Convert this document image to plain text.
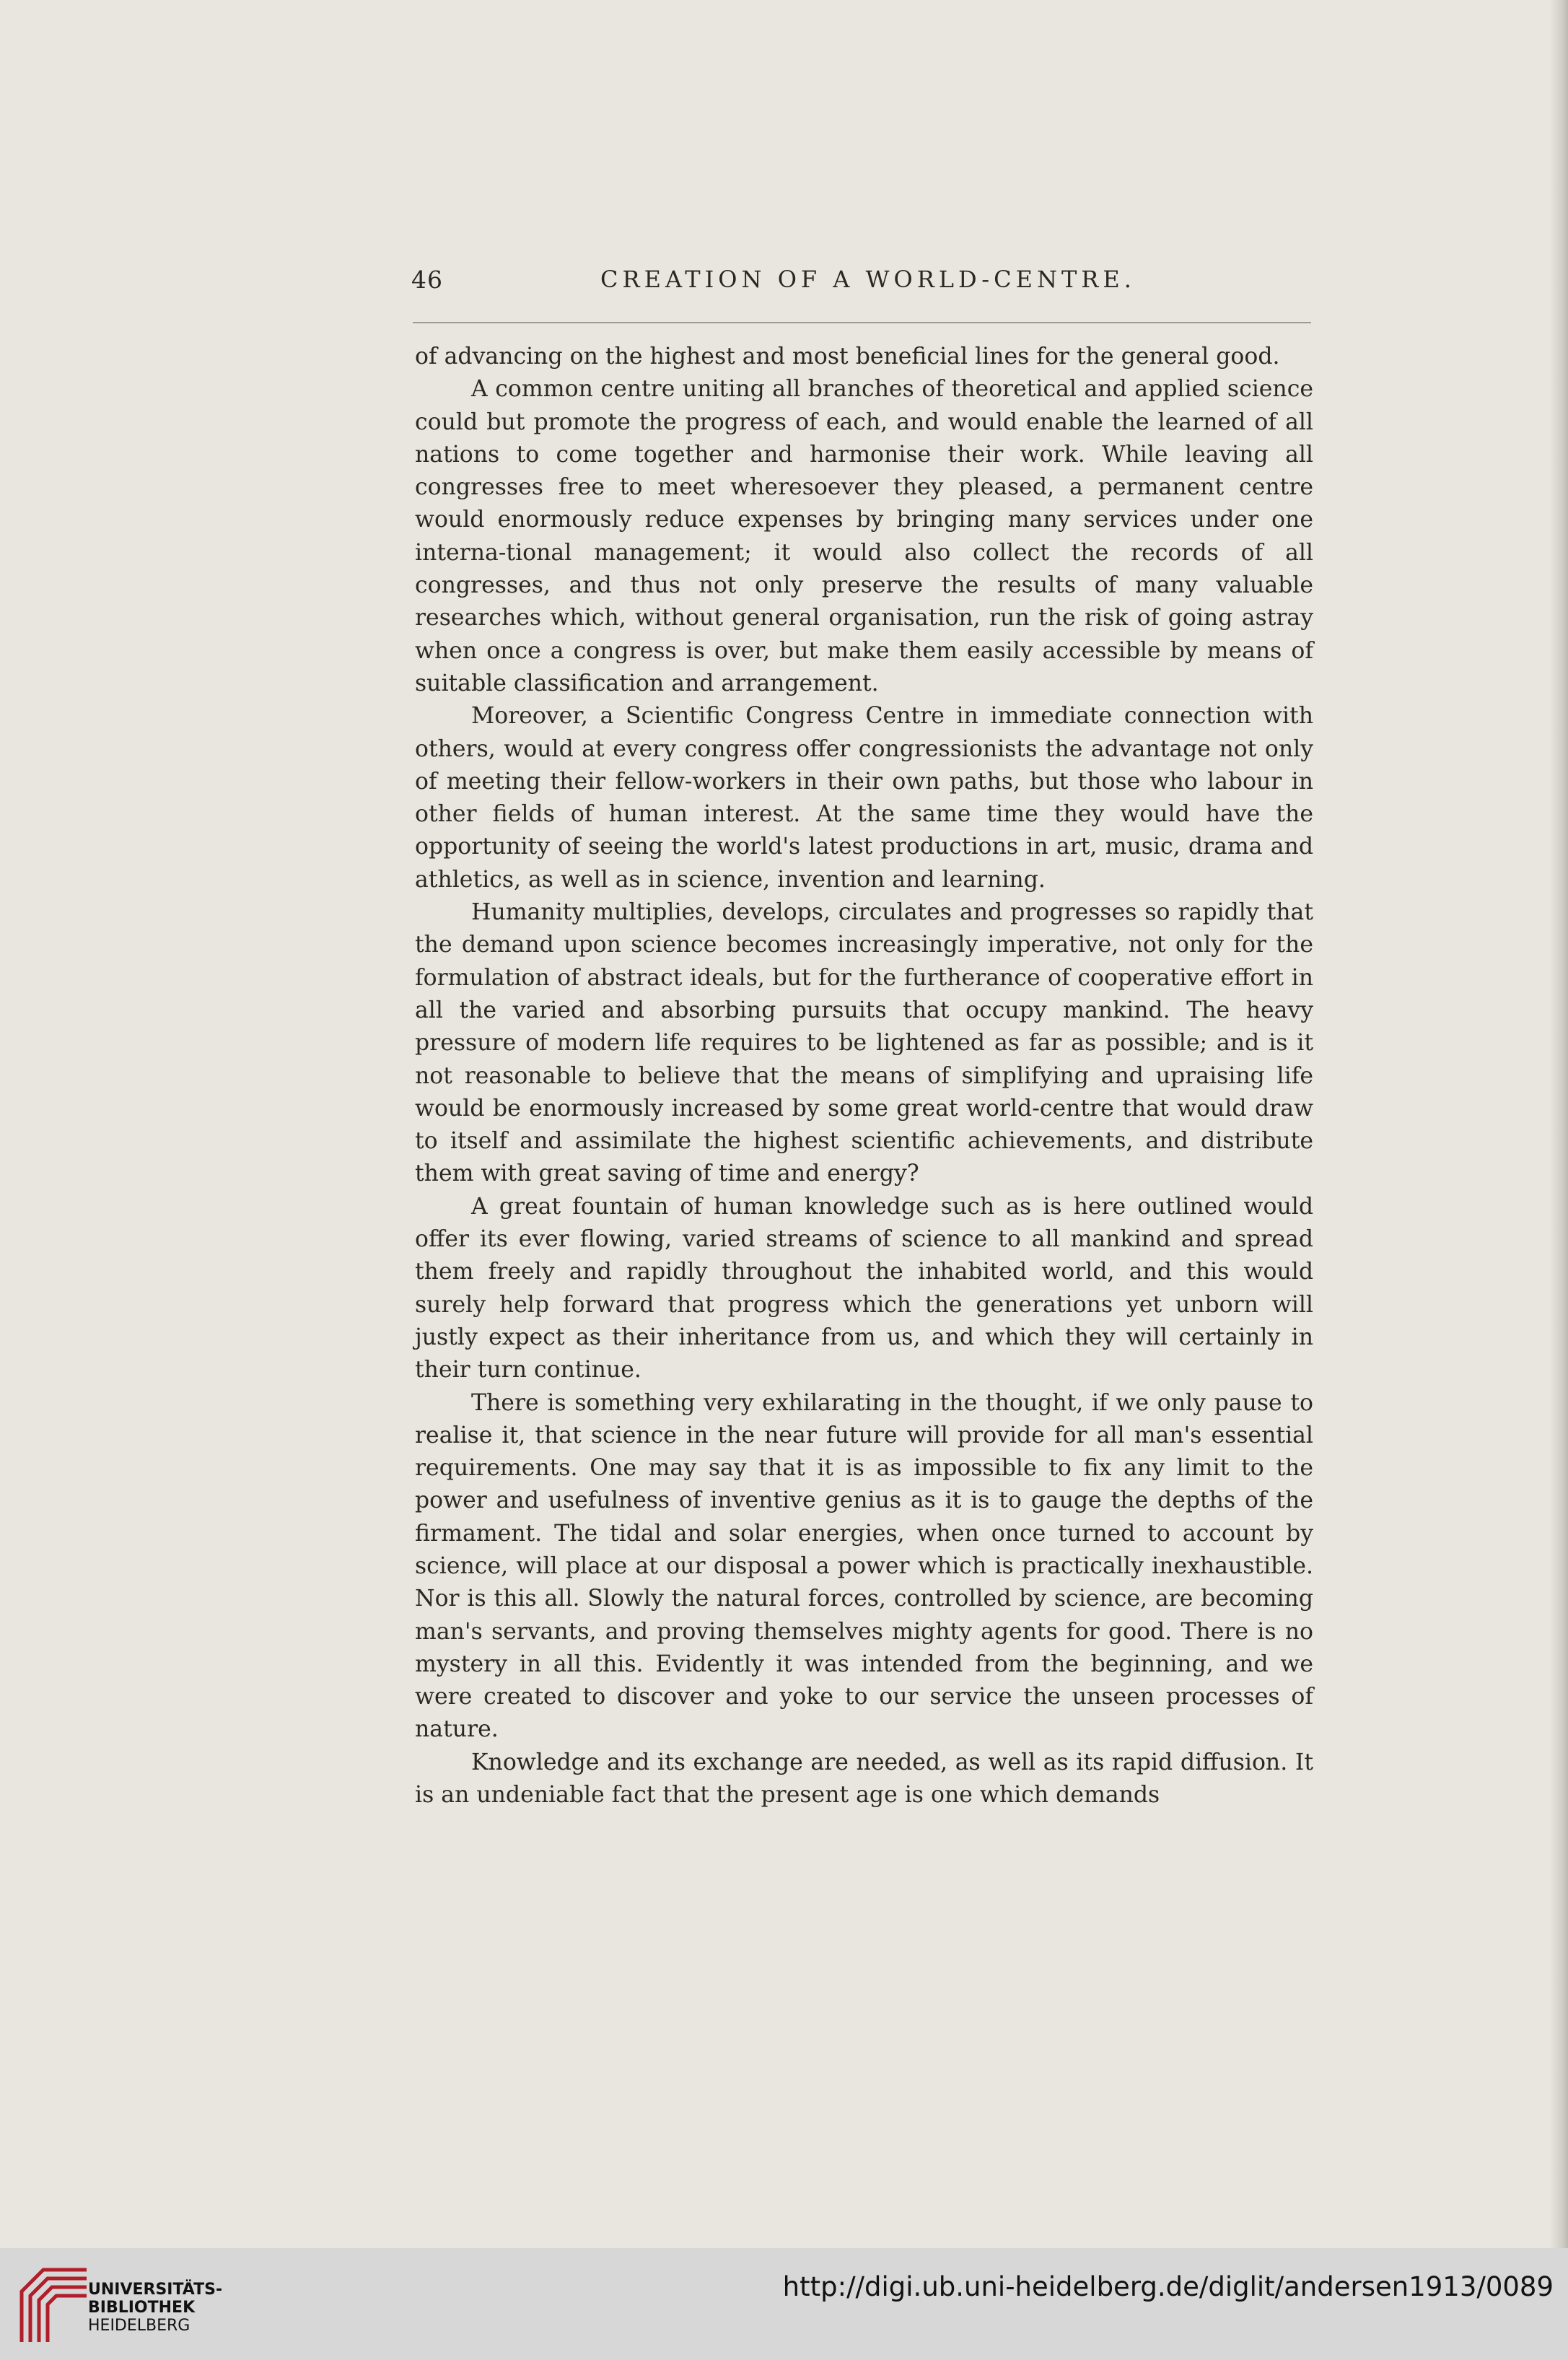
46	CREATION OF A WORLD-CENTRE.

of advancing on the highest and most beneficial lines for the general good.

A common centre uniting all branches of theoretical and applied science could but promote the progress of each, and would enable the learned of all nations to come together and harmonise their work. While leaving all congresses free to meet wheresoever they pleased, a permanent centre would enormously reduce expenses by bringing many services under one interna-tional management; it would also collect the records of all congresses, and thus not only preserve the results of many valuable researches which, without general organisation, run the risk of going astray when once a congress is over, but make them easily accessible by means of suitable classification and arrangement.

Moreover, a Scientific Congress Centre in immediate connection with others, would at every congress offer congressionists the advantage not only of meeting their fellow-workers in their own paths, but those who labour in other fields of human interest. At the same time they would have the opportunity of seeing the world's latest productions in art, music, drama and athletics, as well as in science, invention and learning.

Humanity multiplies, develops, circulates and progresses so rapidly that the demand upon science becomes increasingly imperative, not only for the formulation of abstract ideals, but for the furtherance of cooperative effort in all the varied and absorbing pursuits that occupy mankind. The heavy pressure of modern life requires to be lightened as far as possible; and is it not reasonable to believe that the means of simplifying and upraising life would be enormously increased by some great world-centre that would draw to itself and assimilate the highest scientific achievements, and distribute them with great saving of time and energy?

A great fountain of human knowledge such as is here outlined would offer its ever flowing, varied streams of science to all mankind and spread them freely and rapidly throughout the inhabited world, and this would surely help forward that progress which the generations yet unborn will justly expect as their inheritance from us, and which they will certainly in their turn continue.

There is something very exhilarating in the thought, if we only pause to realise it, that science in the near future will provide for all man's essential requirements. One may say that it is as impossible to fix any limit to the power and usefulness of inventive genius as it is to gauge the depths of the firmament. The tidal and solar energies, when once turned to account by science, will place at our disposal a power which is practically inexhaustible. Nor is this all. Slowly the natural forces, controlled by science, are becoming man's servants, and proving themselves mighty agents for good. There is no mystery in all this. Evidently it was intended from the beginning, and we were created to discover and yoke to our service the unseen processes of nature.

Knowledge and its exchange are needed, as well as its rapid diffusion. It is an undeniable fact that the present age is one which demands

UNIVERSITÄTS-
BIBLIOTHEK
HEIDELBERG
http://digi.ub.uni-heidelberg.de/diglit/andersen1913/0089
